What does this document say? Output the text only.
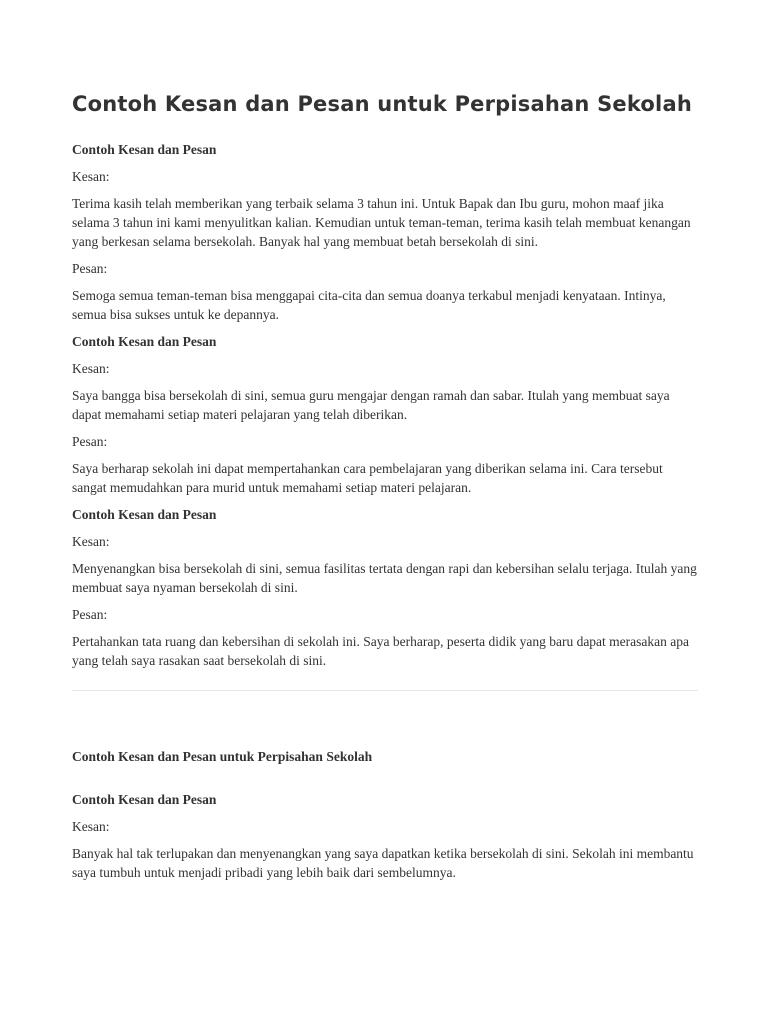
Contoh Kesan dan Pesan untuk Perpisahan Sekolah
Contoh Kesan dan Pesan
Kesan:
Terima kasih telah memberikan yang terbaik selama 3 tahun ini. Untuk Bapak dan Ibu guru, mohon maaf jika selama 3 tahun ini kami menyulitkan kalian. Kemudian untuk teman-teman, terima kasih telah membuat kenangan yang berkesan selama bersekolah. Banyak hal yang membuat betah bersekolah di sini.
Pesan:
Semoga semua teman-teman bisa menggapai cita-cita dan semua doanya terkabul menjadi kenyataan. Intinya, semua bisa sukses untuk ke depannya.
Contoh Kesan dan Pesan
Kesan:
Saya bangga bisa bersekolah di sini, semua guru mengajar dengan ramah dan sabar. Itulah yang membuat saya dapat memahami setiap materi pelajaran yang telah diberikan.
Pesan:
Saya berharap sekolah ini dapat mempertahankan cara pembelajaran yang diberikan selama ini. Cara tersebut sangat memudahkan para murid untuk memahami setiap materi pelajaran.
Contoh Kesan dan Pesan
Kesan:
Menyenangkan bisa bersekolah di sini, semua fasilitas tertata dengan rapi dan kebersihan selalu terjaga. Itulah yang membuat saya nyaman bersekolah di sini.
Pesan:
Pertahankan tata ruang dan kebersihan di sekolah ini. Saya berharap, peserta didik yang baru dapat merasakan apa yang telah saya rasakan saat bersekolah di sini.
Contoh Kesan dan Pesan untuk Perpisahan Sekolah
Contoh Kesan dan Pesan
Kesan:
Banyak hal tak terlupakan dan menyenangkan yang saya dapatkan ketika bersekolah di sini. Sekolah ini membantu saya tumbuh untuk menjadi pribadi yang lebih baik dari sembelumnya.
